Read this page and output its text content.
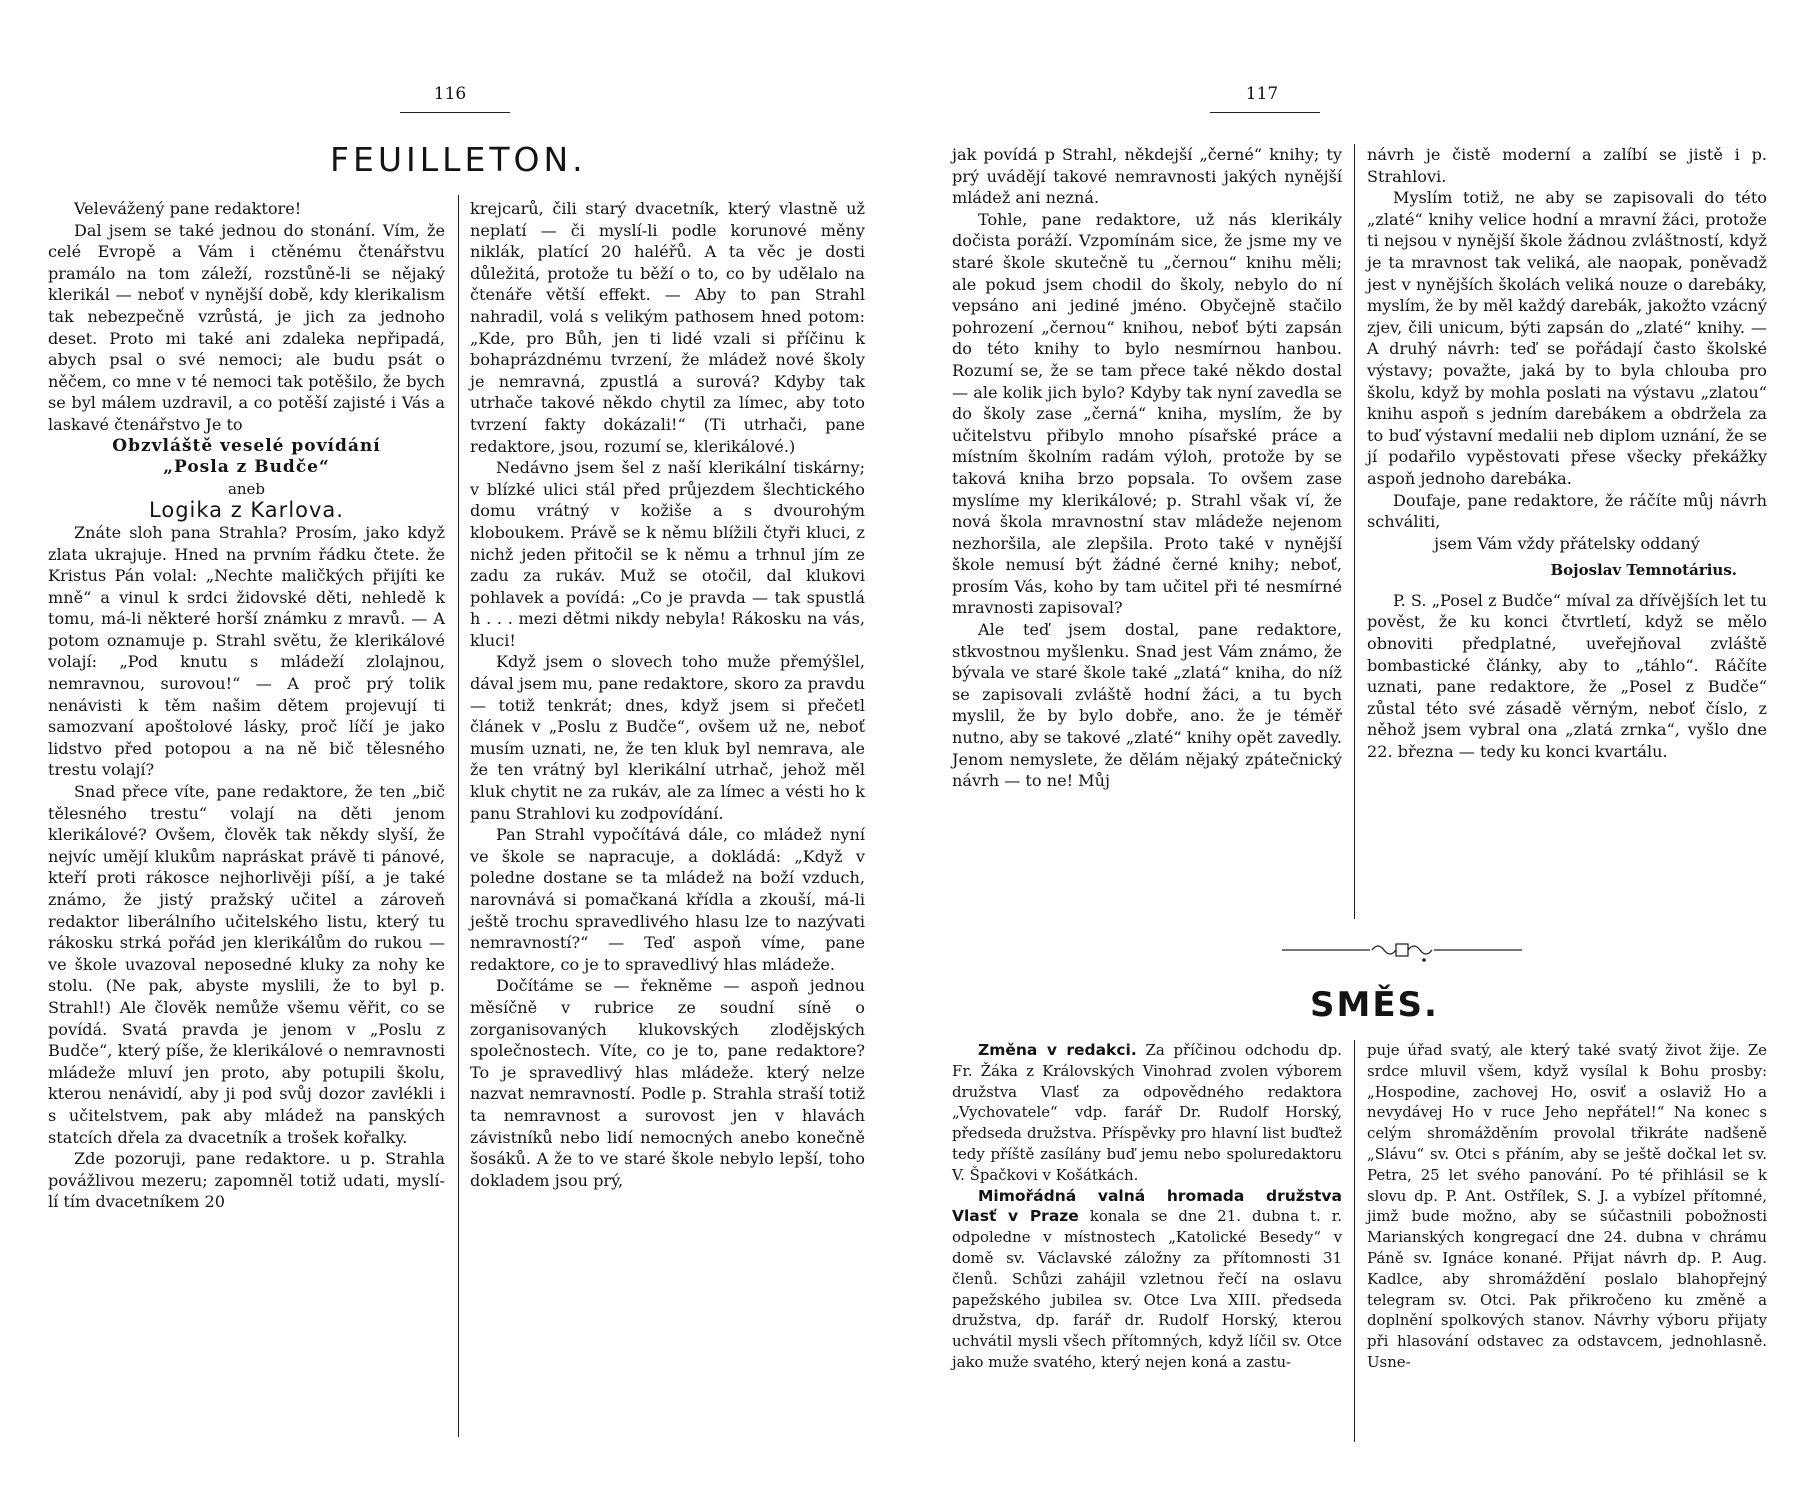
116
FEUILLETON.

Velevážený pane redaktore!

Dal jsem se také jednou do stonání. Vím, že celé Evropě a Vám i ctěnému čtenářstvu pramálo na tom záleží, rozstůně-li se nějaký klerikál — neboť v nynější době, kdy klerikalism tak nebezpečně vzrůstá, je jich za jednoho deset. Proto mi také ani zdaleka nepřipadá, abych psal o své nemoci; ale budu psát o něčem, co mne v té nemoci tak potěšilo, že bych se byl málem uzdravil, a co potěší zajisté i Vás a laskavé čtenářstvo Je to

Obzvláště veselé povídání

„Posla z Budče“

aneb

Logika z Karlova.

Znáte sloh pana Strahla? Prosím, jako když zlata ukrajuje. Hned na prvním řádku čtete. že Kristus Pán volal: „Nechte maličkých přijíti ke mně“ a vinul k srdci židovské děti, nehledě k tomu, má-li některé horší známku z mravů. — A potom oznamuje p. Strahl světu, že klerikálové volají: „Pod knutu s mládeží zlolajnou, nemravnou, surovou!“ — A proč prý tolik nenávisti k těm našim dětem projevují ti samozvaní apoštolové lásky, proč líčí je jako lidstvo před potopou a na ně bič tělesného trestu volají?

Snad přece víte, pane redaktore, že ten „bič tělesného trestu“ volají na děti jenom klerikálové? Ovšem, člověk tak někdy slyší, že nejvíc umějí klukům napráskat právě ti pánové, kteří proti rákosce nejhorlivěji píší, a je také známo, že jistý pražský učitel a zároveň redaktor liberálního učitelského listu, který tu rákosku strká pořád jen klerikálům do rukou — ve škole uvazoval neposedné kluky za nohy ke stolu. (Ne pak, abyste myslili, že to byl p. Strahl!) Ale člověk nemůže všemu věřit, co se povídá. Svatá pravda je jenom v „Poslu z Budče“, který píše, že klerikálové o nemravnosti mládeže mluví jen proto, aby potupili školu, kterou nenávidí, aby ji pod svůj dozor zavlékli i s učitelstvem, pak aby mládež na panských statcích dřela za dvacetník a trošek kořalky.

Zde pozoruji, pane redaktore. u p. Strahla povážlivou mezeru; zapomněl totiž udati, myslí-lí tím dvacetníkem 20

krejcarů, čili starý dvacetník, který vlastně už neplatí — či myslí-li podle korunové měny niklák, platící 20 haléřů. A ta věc je dosti důležitá, protože tu běží o to, co by udělalo na čtenáře větší effekt. — Aby to pan Strahl nahradil, volá s velikým pathosem hned potom: „Kde, pro Bůh, jen ti lidé vzali si příčinu k bohaprázdnému tvrzení, že mládež nové školy je nemravná, zpustlá a surová? Kdyby tak utrhače takové někdo chytil za límec, aby toto tvrzení fakty dokázali!“ (Ti utrhači, pane redaktore, jsou, rozumí se, klerikálové.)

Nedávno jsem šel z naší klerikální tiskárny; v blízké ulici stál před průjezdem šlechtického domu vrátný v kožiše a s dvourohým kloboukem. Právě se k němu blížili čtyři kluci, z nichž jeden přitočil se k němu a trhnul jím ze zadu za rukáv. Muž se otočil, dal klukovi pohlavek a povídá: „Co je pravda — tak spustlá h . . . mezi dětmi nikdy nebyla! Rákosku na vás, kluci!

Když jsem o slovech toho muže přemýšlel, dával jsem mu, pane redaktore, skoro za pravdu — totiž tenkrát; dnes, když jsem si přečetl článek v „Poslu z Budče“, ovšem už ne, neboť musím uznati, ne, že ten kluk byl nemrava, ale že ten vrátný byl klerikální utrhač, jehož měl kluk chytit ne za rukáv, ale za límec a vésti ho k panu Strahlovi ku zodpovídání.

Pan Strahl vypočítává dále, co mládež nyní ve škole se napracuje, a dokládá: „Když v poledne dostane se ta mládež na boží vzduch, narovnává si pomačkaná křídla a zkouší, má-li ještě trochu spravedlivého hlasu lze to nazývati nemravností?“ — Teď aspoň víme, pane redaktore, co je to spravedlivý hlas mládeže.

Dočítáme se — řekněme — aspoň jednou měsíčně v rubrice ze soudní síně o zorganisovaných klukovských zlodějských společnostech. Víte, co je to, pane redaktore? To je spravedlivý hlas mládeže. který nelze nazvat nemravností. Podle p. Strahla straší totiž ta nemravnost a surovost jen v hlavách závistníků nebo lidí nemocných anebo konečně šosáků. A že to ve staré škole nebylo lepší, toho dokladem jsou prý,

117

jak povídá p Strahl, někdejší „černé“ knihy; ty prý uvádějí takové nemravnosti jakých nynější mládež ani nezná.

Tohle, pane redaktore, už nás klerikály dočista poráží. Vzpomínám sice, že jsme my ve staré škole skutečně tu „černou“ knihu měli; ale pokud jsem chodil do školy, nebylo do ní vepsáno ani jediné jméno. Obyčejně stačilo pohrození „černou“ knihou, neboť býti zapsán do této knihy to bylo nesmírnou hanbou. Rozumí se, že se tam přece také někdo dostal — ale kolik jich bylo? Kdyby tak nyní zavedla se do školy zase „černá“ kniha, myslím, že by učitelstvu přibylo mnoho písařské práce a místním školním radám výloh, protože by se taková kniha brzo popsala. To ovšem zase myslíme my klerikálové; p. Strahl však ví, že nová škola mravnostní stav mládeže nejenom nezhoršila, ale zlepšila. Proto také v nynější škole nemusí být žádné černé knihy; neboť, prosím Vás, koho by tam učitel při té nesmírné mravnosti zapisoval?

Ale teď jsem dostal, pane redaktore, stkvostnou myšlenku. Snad jest Vám známo, že bývala ve staré škole také „zlatá“ kniha, do níž se zapisovali zvláště hodní žáci, a tu bych myslil, že by bylo dobře, ano. že je téměř nutno, aby se takové „zlaté“ knihy opět zavedly. Jenom nemyslete, že dělám nějaký zpátečnický návrh — to ne! Můj

návrh je čistě moderní a zalíbí se jistě i p. Strahlovi.

Myslím totiž, ne aby se zapisovali do této „zlaté“ knihy velice hodní a mravní žáci, protože ti nejsou v nynější škole žádnou zvláštností, když je ta mravnost tak veliká, ale naopak, poněvadž jest v nynějších školách veliká nouze o darebáky, myslím, že by měl každý darebák, jakožto vzácný zjev, čili unicum, býti zapsán do „zlaté“ knihy. — A druhý návrh: teď se pořádají často školské výstavy; považte, jaká by to byla chlouba pro školu, když by mohla poslati na výstavu „zlatou“ knihu aspoň s jedním darebákem a obdržela za to buď výstavní medalii neb diplom uznání, že se jí podařilo vypěstovati přese všecky překážky aspoň jednoho darebáka.

Doufaje, pane redaktore, že ráčíte můj návrh schváliti,

jsem Vám vždy přátelsky oddaný

Bojoslav Temnotárius.

P. S. „Posel z Budče“ míval za dřívějších let tu pověst, že ku konci čtvrtletí, když se mělo obnoviti předplatné, uveřejňoval zvláště bombastické články, aby to „táhlo“. Ráčíte uznati, pane redaktore, že „Posel z Budče“ zůstal této své zásadě věrným, neboť číslo, z něhož jsem vybral ona „zlatá zrnka“, vyšlo dne 22. března — tedy ku konci kvartálu.

SMĚS.

Změna v redakci. Za příčinou odchodu dp. Fr. Žáka z Královských Vinohrad zvolen výborem družstva Vlasť za odpovědného redaktora „Vychovatele“ vdp. farář Dr. Rudolf Horský, předseda družstva. Příspěvky pro hlavní list buďtež tedy příště zasílány buď jemu nebo spoluredaktoru V. Špačkovi v Košátkách.

Mimořádná valná hromada družstva Vlasť v Praze konala se dne 21. dubna t. r. odpoledne v místnostech „Katolické Besedy“ v domě sv. Václavské záložny za přítomnosti 31 členů. Schůzi zahájil vzletnou řečí na oslavu papežského jubilea sv. Otce Lva XIII. předseda družstva, dp. farář dr. Rudolf Horský, kterou uchvátil mysli všech přítomných, když líčil sv. Otce jako muže svatého, který nejen koná a zastu-

puje úřad svatý, ale který také svatý život žije. Ze srdce mluvil všem, když vysílal k Bohu prosby: „Hospodine, zachovej Ho, osviť a oslaviž Ho a nevydávej Ho v ruce Jeho nepřátel!“ Na konec s celým shromážděním provolal třikráte nadšeně „Slávu“ sv. Otci s přáním, aby se ještě dočkal let sv. Petra, 25 let svého panování. Po té přihlásil se k slovu dp. P. Ant. Ostřílek, S. J. a vybízel přítomné, jimž bude možno, aby se súčastnili pobožnosti Marianských kongregací dne 24. dubna v chrámu Páně sv. Ignáce konané. Přijat návrh dp. P. Aug. Kadlce, aby shromáždění poslalo blahopřejný telegram sv. Otci. Pak přikročeno ku změně a doplnění spolkových stanov. Návrhy výboru přijaty při hlasování odstavec za odstavcem, jednohlasně. Usne-
